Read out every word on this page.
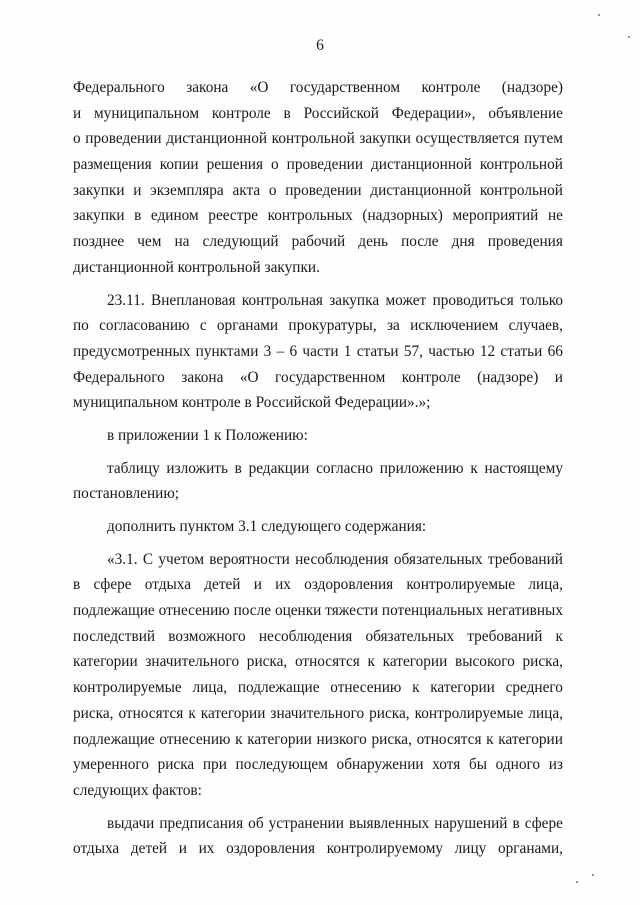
6
Федерального закона «О государственном контроле (надзоре)
и муниципальном контроле в Российской Федерации», объявление
о проведении дистанционной контрольной закупки осуществляется путем
размещения копии решения о проведении дистанционной контрольной
закупки и экземпляра акта о проведении дистанционной контрольной
закупки в едином реестре контрольных (надзорных) мероприятий не
позднее чем на следующий рабочий день после дня проведения
дистанционной контрольной закупки.
23.11. Внеплановая контрольная закупка может проводиться только
по согласованию с органами прокуратуры, за исключением случаев,
предусмотренных пунктами 3 – 6 части 1 статьи 57, частью 12 статьи 66
Федерального закона «О государственном контроле (надзоре) и
муниципальном контроле в Российской Федерации».»;
в приложении 1 к Положению:
таблицу изложить в редакции согласно приложению к настоящему
постановлению;
дополнить пунктом 3.1 следующего содержания:
«3.1. С учетом вероятности несоблюдения обязательных требований
в сфере отдыха детей и их оздоровления контролируемые лица,
подлежащие отнесению после оценки тяжести потенциальных негативных
последствий возможного несоблюдения обязательных требований к
категории значительного риска, относятся к категории высокого риска,
контролируемые лица, подлежащие отнесению к категории среднего
риска, относятся к категории значительного риска, контролируемые лица,
подлежащие отнесению к категории низкого риска, относятся к категории
умеренного риска при последующем обнаружении хотя бы одного из
следующих фактов:
выдачи предписания об устранении выявленных нарушений в сфере
отдыха детей и их оздоровления контролируемому лицу органами,
